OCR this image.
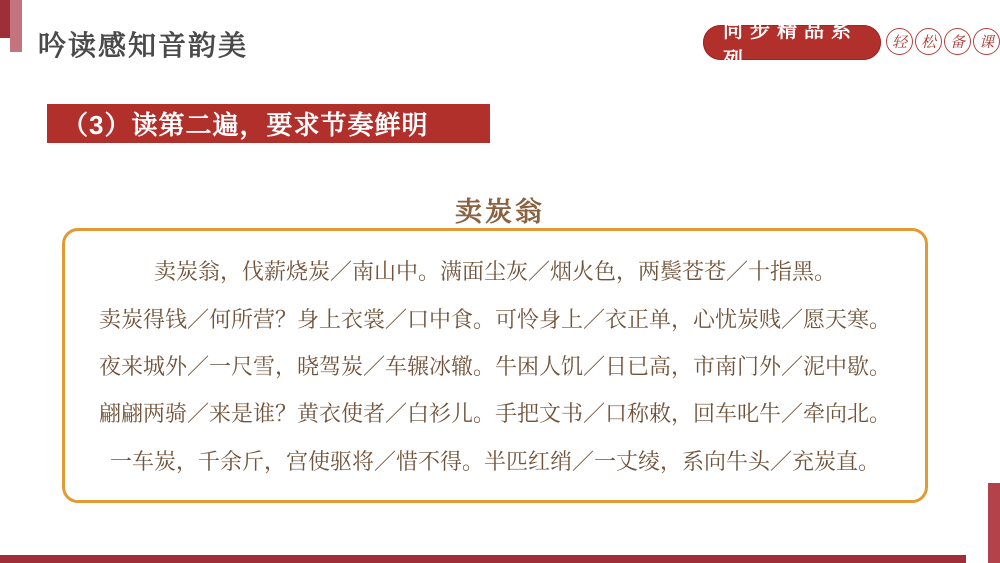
吟读感知音韵美	同步精品系列
轻 松 备 课
（3）读第二遍，要求节奏鲜明
卖炭翁
卖炭翁，伐薪烧炭／南山中。满面尘灰／烟火色，两鬓苍苍／十指黑。
卖炭得钱／何所营？身上衣裳／口中食。可怜身上／衣正单，心忧炭贱／愿天寒。
夜来城外／一尺雪，晓驾炭／车辗冰辙。牛困人饥／日已高，市南门外／泥中歇。
翩翩两骑／来是谁？黄衣使者／白衫儿。手把文书／口称敕，回车叱牛／牵向北。
一车炭，千余斤，宫使驱将／惜不得。半匹红绡／一丈绫，系向牛头／充炭直。
